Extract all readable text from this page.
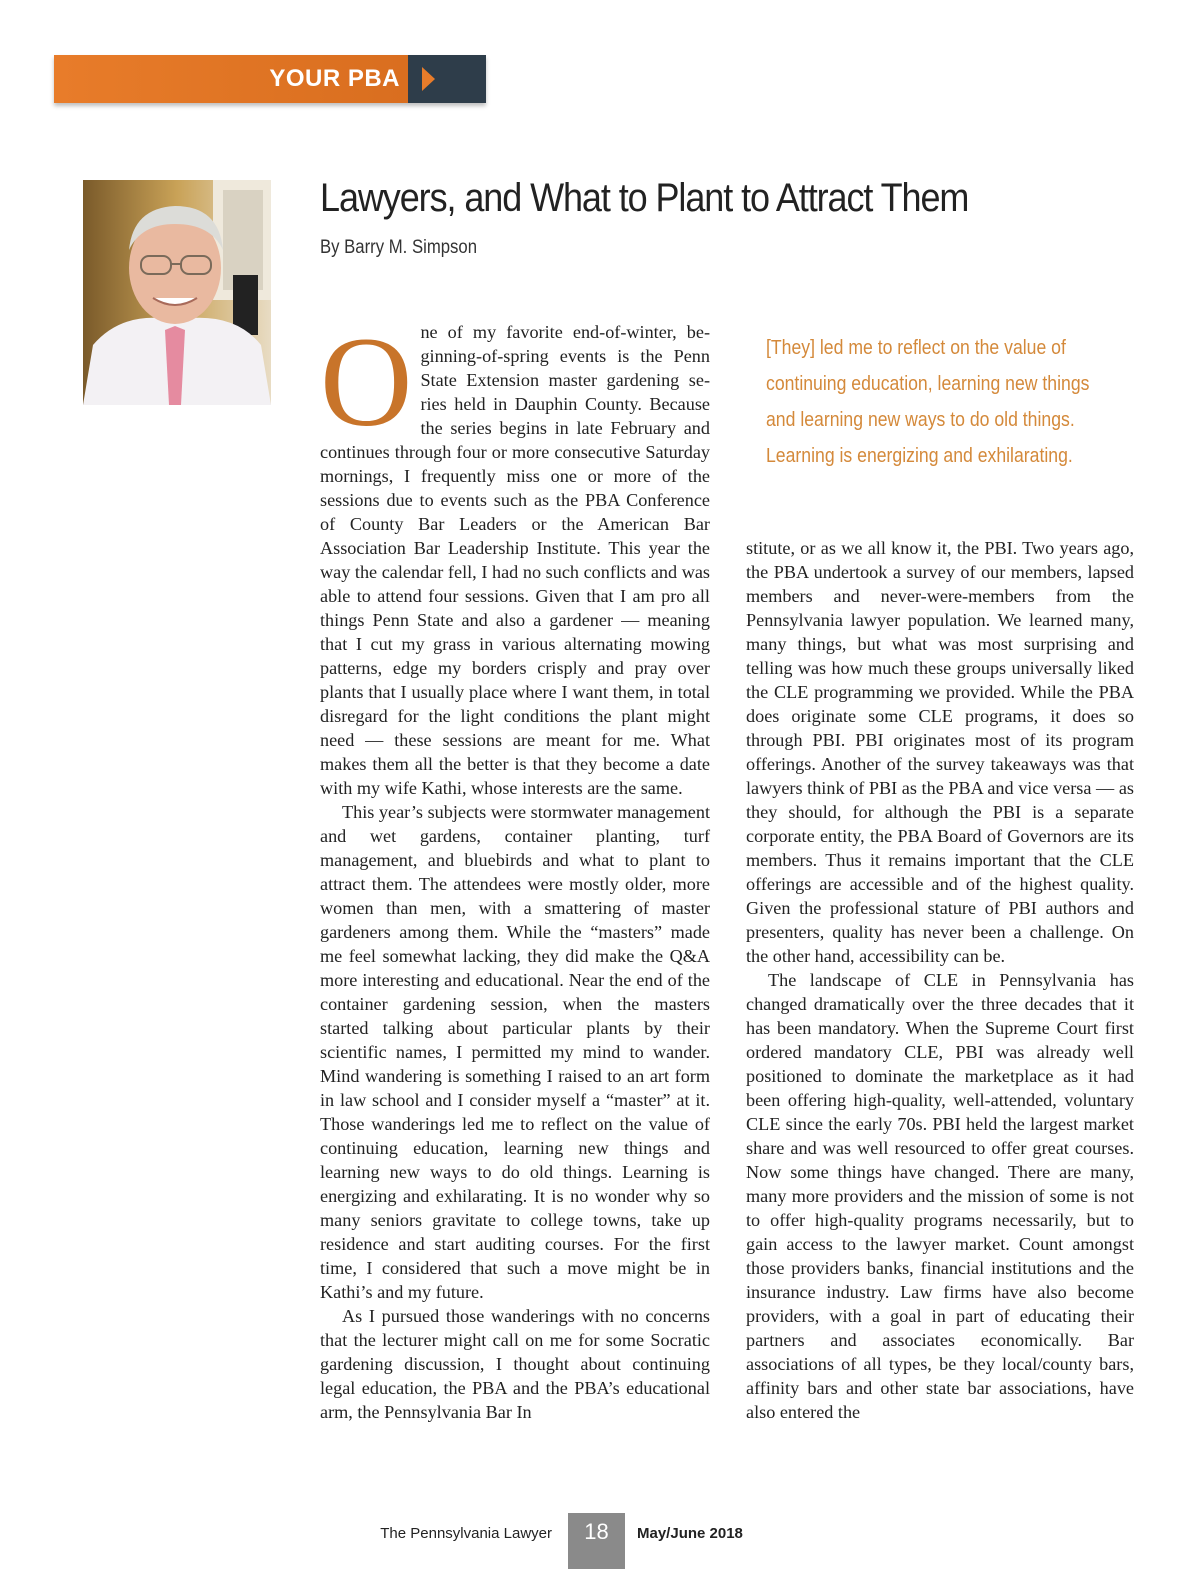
YOUR PBA
Lawyers, and What to Plant to Attract Them
By Barry M. Simpson

One of my favorite end-of-winter, beginning-of-spring events is the Penn State Extension master gardening series held in Dauphin County. Because the series begins in late February and continues through four or more consecutive Saturday mornings, I frequently miss one or more of the sessions due to events such as the PBA Conference of County Bar Leaders or the American Bar Association Bar Leadership Institute. This year the way the calendar fell, I had no such conflicts and was able to attend four sessions. Given that I am pro all things Penn State and also a gardener — meaning that I cut my grass in various alternating mowing patterns, edge my borders crisply and pray over plants that I usually place where I want them, in total disregard for the light conditions the plant might need — these sessions are meant for me. What makes them all the better is that they become a date with my wife Kathi, whose interests are the same.

This year’s subjects were stormwater management and wet gardens, container planting, turf management, and bluebirds and what to plant to attract them. The attendees were mostly older, more women than men, with a smattering of master gardeners among them. While the “masters” made me feel somewhat lacking, they did make the Q&A more interesting and educational. Near the end of the container gardening session, when the masters started talking about particular plants by their scientific names, I permitted my mind to wander. Mind wandering is something I raised to an art form in law school and I consider myself a “master” at it. Those wanderings led me to reflect on the value of continuing education, learning new things and learning new ways to do old things. Learning is energizing and exhilarating. It is no wonder why so many seniors gravitate to college towns, take up residence and start auditing courses. For the first time, I considered that such a move might be in Kathi’s and my future.

As I pursued those wanderings with no concerns that the lecturer might call on me for some Socratic gardening discussion, I thought about continuing legal education, the PBA and the PBA’s educational arm, the Pennsylvania Bar In

[They] led me to reflect on the value of continuing education, learning new things and learning new ways to do old things. Learning is energizing and exhilarating.

stitute, or as we all know it, the PBI. Two years ago, the PBA undertook a survey of our members, lapsed members and never-were-members from the Pennsylvania lawyer population. We learned many, many things, but what was most surprising and telling was how much these groups universally liked the CLE programming we provided. While the PBA does originate some CLE programs, it does so through PBI. PBI originates most of its program offerings. Another of the survey takeaways was that lawyers think of PBI as the PBA and vice versa — as they should, for although the PBI is a separate corporate entity, the PBA Board of Governors are its members. Thus it remains important that the CLE offerings are accessible and of the highest quality. Given the professional stature of PBI authors and presenters, quality has never been a challenge. On the other hand, accessibility can be.

The landscape of CLE in Pennsylvania has changed dramatically over the three decades that it has been mandatory. When the Supreme Court first ordered mandatory CLE, PBI was already well positioned to dominate the marketplace as it had been offering high-quality, well-attended, voluntary CLE since the early 70s. PBI held the largest market share and was well resourced to offer great courses. Now some things have changed. There are many, many more providers and the mission of some is not to offer high-quality programs necessarily, but to gain access to the lawyer market. Count amongst those providers banks, financial institutions and the insurance industry. Law firms have also become providers, with a goal in part of educating their partners and associates economically. Bar associations of all types, be they local/county bars, affinity bars and other state bar associations, have also entered the

The Pennsylvania Lawyer	18	May/June 2018
